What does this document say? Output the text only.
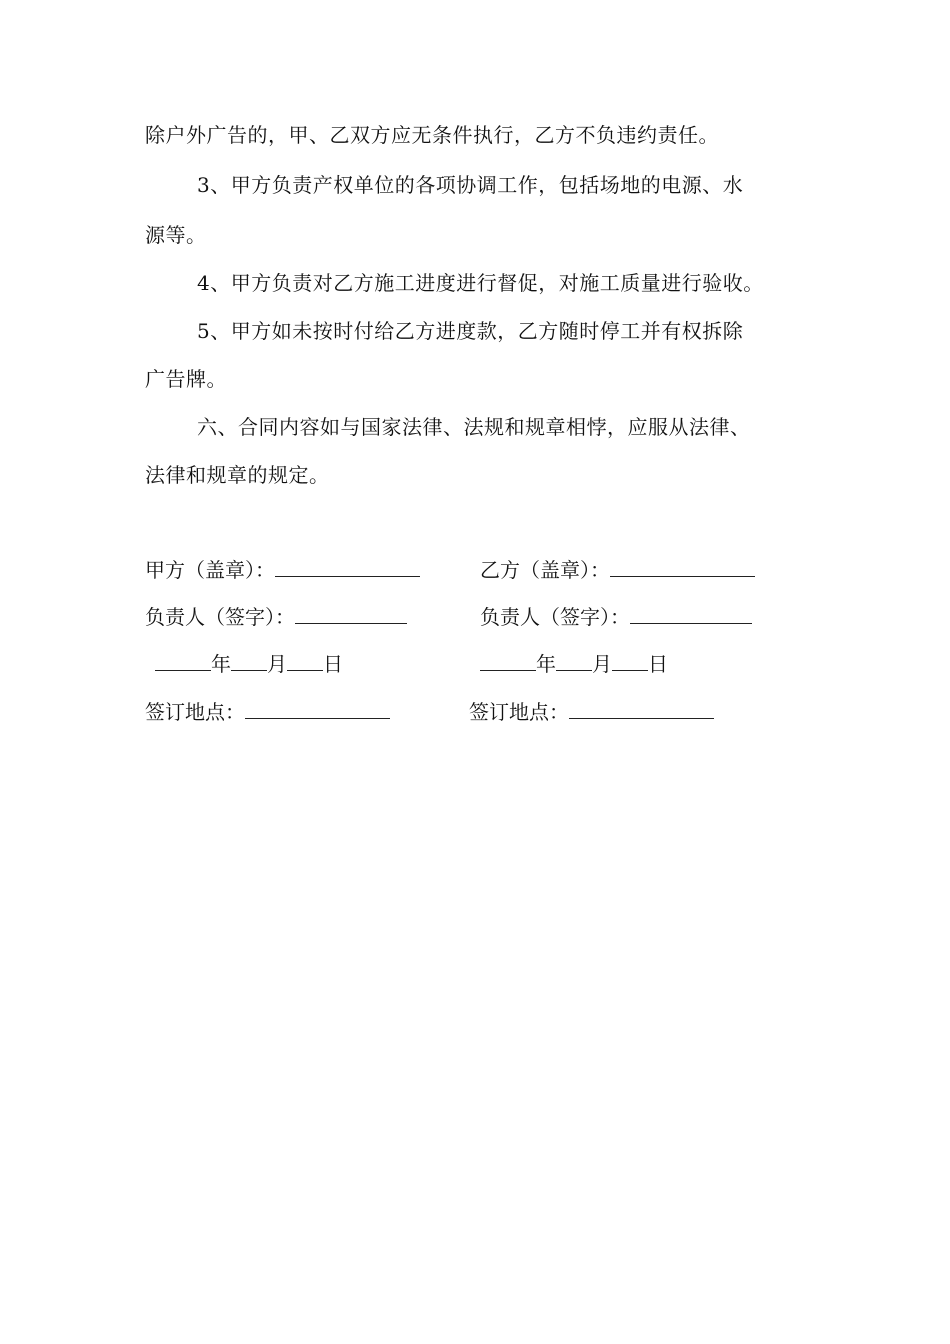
除户外广告的，甲、乙双方应无条件执行，乙方不负违约责任。
3、甲方负责产权单位的各项协调工作，包括场地的电源、水
源等。
4、甲方负责对乙方施工进度进行督促，对施工质量进行验收。
5、甲方如未按时付给乙方进度款，乙方随时停工并有权拆除
广告牌。
六、合同内容如与国家法律、法规和规章相悖，应服从法律、
法律和规章的规定。
甲方（盖章）：	乙方（盖章）：
负责人（签字）：	负责人（签字）：
年 月 日	年 月 日
签订地点：	签订地点：
